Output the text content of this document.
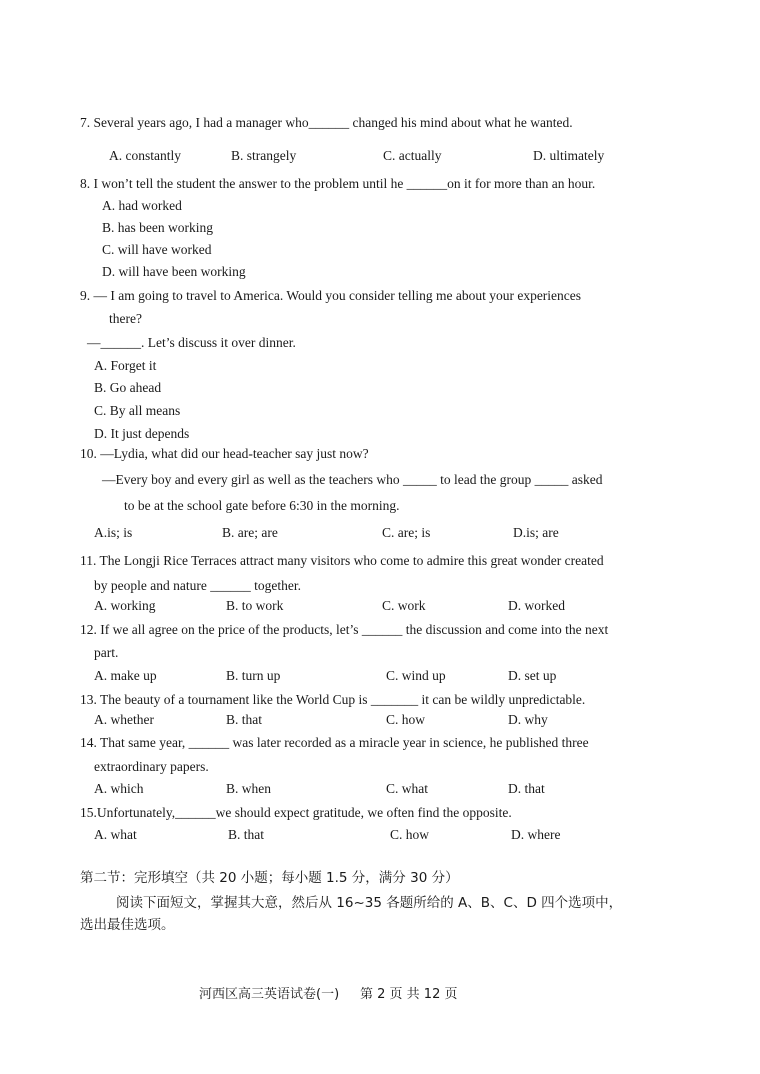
7. Several years ago, I had a manager who______ changed his mind about what he wanted.
A. constantly	B. strangely	C. actually	D. ultimately
8. I won’t tell the student the answer to the problem until he ______on it for more than an hour.
A. had worked
B. has been working
C. will have worked
D. will have been working
9. — I am going to travel to America. Would you consider telling me about your experiences
there?
—______. Let’s discuss it over dinner.
A. Forget it
B. Go ahead
C. By all means
D. It just depends
10. —Lydia, what did our head-teacher say just now?
—Every boy and every girl as well as the teachers who _____ to lead the group _____ asked
to be at the school gate before 6:30 in the morning.
A.is; is	B. are; are	C. are; is	D.is; are
11. The Longji Rice Terraces attract many visitors who come to admire this great wonder created
by people and nature ______ together.
A. working	B. to work	C. work	D. worked
12. If we all agree on the price of the products, let’s ______ the discussion and come into the next
part.
A. make up	B. turn up	C. wind up	D. set up
13. The beauty of a tournament like the World Cup is _______ it can be wildly unpredictable.
A. whether	B. that	C. how	D. why
14. That same year, ______ was later recorded as a miracle year in science, he published three
extraordinary papers.
A. which	B. when	C. what	D. that
15.Unfortunately,______we should expect gratitude, we often find the opposite.
A. what	B. that	C. how	D. where
第二节：完形填空（共 20 小题；每小题 1.5 分，满分 30 分）
阅读下面短文，掌握其大意，然后从 16~35 各题所给的 A、B、C、D 四个选项中，
选出最佳选项。
河西区高三英语试卷(一) 第 2 页 共 12 页
